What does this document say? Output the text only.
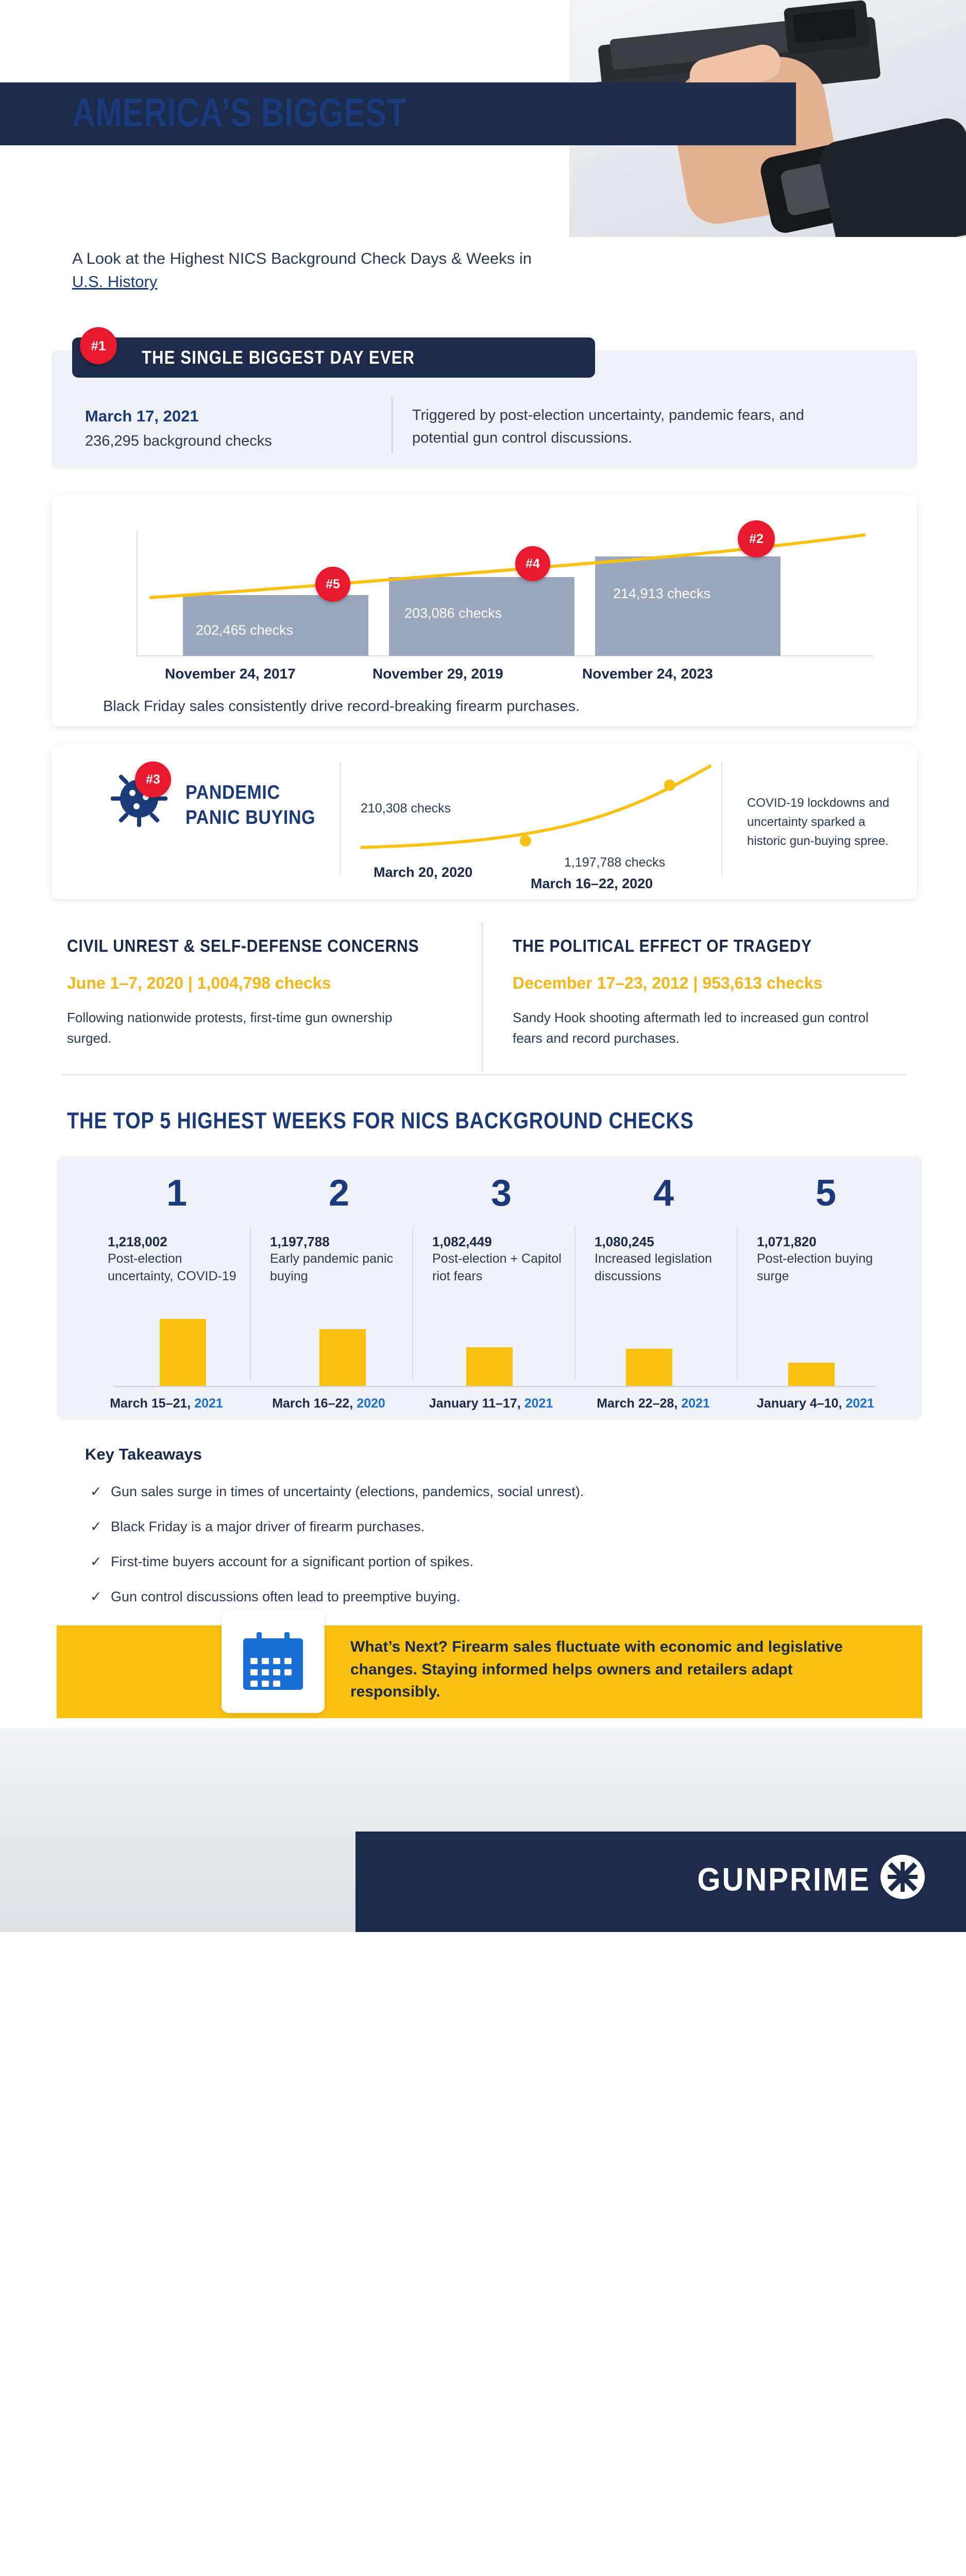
AMERICA’S BIGGEST
GUN-BUYING SURGES
A Look at the Highest NICS Background Check Days & Weeks in U.S. History
THE SINGLE BIGGEST DAY EVER
#1
March 17, 2021
236,295 background checks
Triggered by post-election uncertainty, pandemic fears, and potential gun control discussions.
202,465 checks
203,086 checks
214,913 checks
#5
#4
#2
November 24, 2017	November 29, 2019	November 24, 2023
Black Friday sales consistently drive record-breaking firearm purchases.
#3
PANDEMIC
PANIC BUYING	210,308 checks
1,197,788 checks
March 20, 2020
March 16–22, 2020
COVID-19 lockdowns and uncertainty sparked a historic gun-buying spree.
CIVIL UNREST & SELF-DEFENSE CONCERNS
June 1–7, 2020 | 1,004,798 checks
Following nationwide protests, first-time gun ownership surged.
THE POLITICAL EFFECT OF TRAGEDY
December 17–23, 2012 | 953,613 checks
Sandy Hook shooting aftermath led to increased gun control fears and record purchases.
THE TOP 5 HIGHEST WEEKS FOR NICS BACKGROUND CHECKS
1
1,218,002
Post-election uncertainty, COVID-19
2
1,197,788
Early pandemic panic buying
3
1,082,449
Post-election + Capitol riot fears
4
1,080,245
Increased legislation discussions
5
1,071,820
Post-election buying surge
March 15–21, 2021	March 16–22, 2020	January 11–17, 2021	March 22–28, 2021	January 4–10, 2021
Key Takeaways
✓ Gun sales surge in times of uncertainty (elections, pandemics, social unrest).
✓ Black Friday is a major driver of firearm purchases.
✓ First-time buyers account for a significant portion of spikes.
✓ Gun control discussions often lead to preemptive buying.
What’s Next? Firearm sales fluctuate with economic and legislative changes. Staying informed helps owners and retailers adapt responsibly.
GUNPRIME
